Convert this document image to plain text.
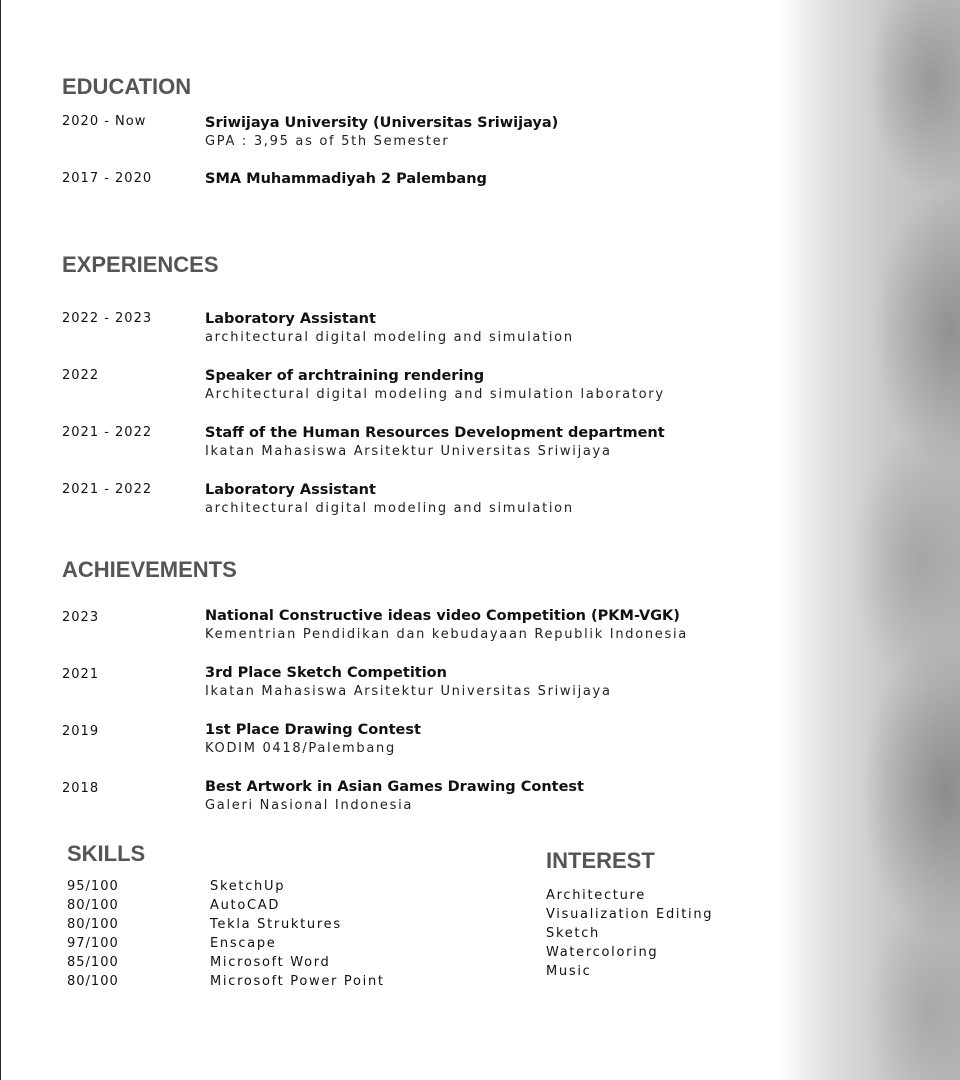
EDUCATION
2020 - Now	Sriwijaya University (Universitas Sriwijaya)
GPA : 3,95 as of 5th Semester
2017 - 2020	SMA Muhammadiyah 2 Palembang
EXPERIENCES
2022 - 2023	Laboratory Assistant
architectural digital modeling and simulation
2022	Speaker of archtraining rendering
Architectural digital modeling and simulation laboratory
2021 - 2022	Staff of the Human Resources Development department
Ikatan Mahasiswa Arsitektur Universitas Sriwijaya
2021 - 2022	Laboratory Assistant
architectural digital modeling and simulation
ACHIEVEMENTS
2023	National Constructive ideas video Competition (PKM-VGK)
Kementrian Pendidikan dan kebudayaan Republik Indonesia
2021	3rd Place Sketch Competition
Ikatan Mahasiswa Arsitektur Universitas Sriwijaya
2019	1st Place Drawing Contest
KODIM 0418/Palembang
2018	Best Artwork in Asian Games Drawing Contest
Galeri Nasional Indonesia
SKILLS
95/100	SketchUp
80/100	AutoCAD
80/100	Tekla Struktures
97/100	Enscape
85/100	Microsoft Word
80/100	Microsoft Power Point
INTEREST
Architecture
Visualization Editing
Sketch
Watercoloring
Music
